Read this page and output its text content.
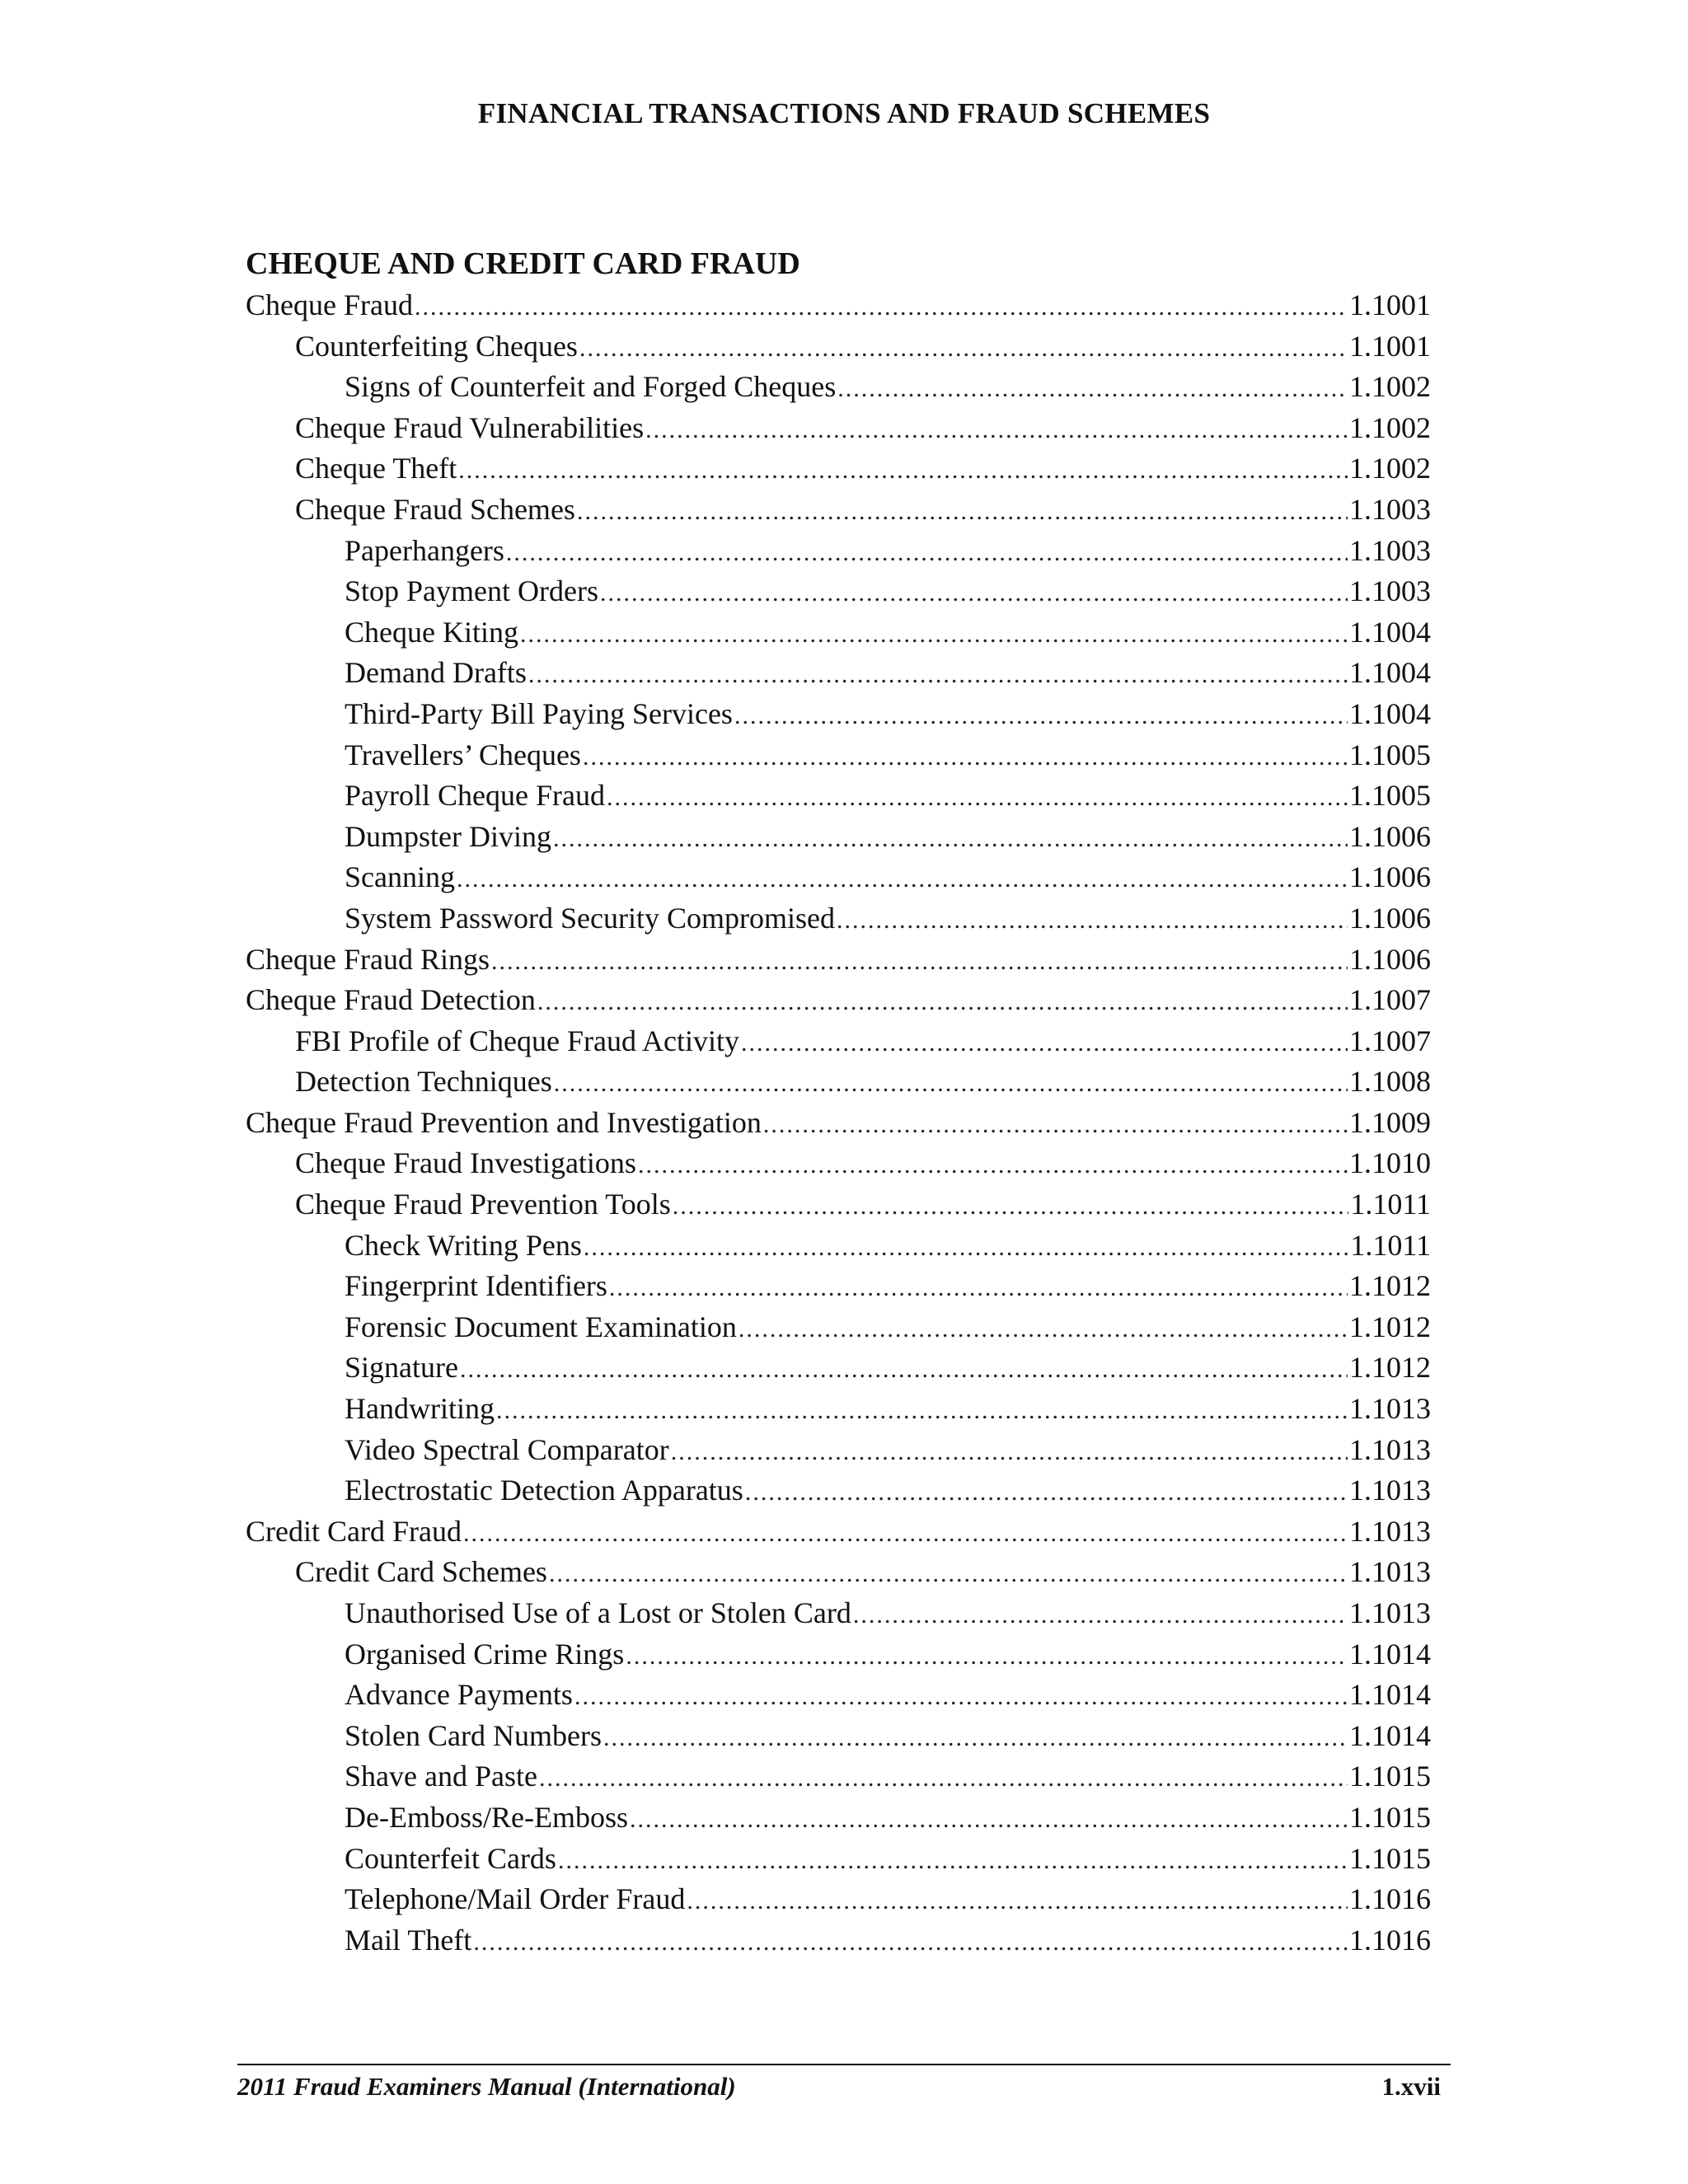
FINANCIAL TRANSACTIONS AND FRAUD SCHEMES
CHEQUE AND CREDIT CARD FRAUD
Cheque Fraud .....	1.1001
Counterfeiting Cheques .....	1.1001
Signs of Counterfeit and Forged Cheques .....	1.1002
Cheque Fraud Vulnerabilities .....	1.1002
Cheque Theft .....	1.1002
Cheque Fraud Schemes .....	1.1003
Paperhangers .....	1.1003
Stop Payment Orders .....	1.1003
Cheque Kiting .....	1.1004
Demand Drafts .....	1.1004
Third-Party Bill Paying Services .....	1.1004
Travellers’ Cheques .....	1.1005
Payroll Cheque Fraud .....	1.1005
Dumpster Diving .....	1.1006
Scanning .....	1.1006
System Password Security Compromised .....	1.1006
Cheque Fraud Rings .....	1.1006
Cheque Fraud Detection .....	1.1007
FBI Profile of Cheque Fraud Activity .....	1.1007
Detection Techniques .....	1.1008
Cheque Fraud Prevention and Investigation .....	1.1009
Cheque Fraud Investigations .....	1.1010
Cheque Fraud Prevention Tools .....	1.1011
Check Writing Pens .....	1.1011
Fingerprint Identifiers .....	1.1012
Forensic Document Examination .....	1.1012
Signature .....	1.1012
Handwriting .....	1.1013
Video Spectral Comparator .....	1.1013
Electrostatic Detection Apparatus .....	1.1013
Credit Card Fraud .....	1.1013
Credit Card Schemes .....	1.1013
Unauthorised Use of a Lost or Stolen Card .....	1.1013
Organised Crime Rings .....	1.1014
Advance Payments .....	1.1014
Stolen Card Numbers .....	1.1014
Shave and Paste .....	1.1015
De-Emboss/Re-Emboss .....	1.1015
Counterfeit Cards .....	1.1015
Telephone/Mail Order Fraud .....	1.1016
Mail Theft .....	1.1016
2011 Fraud Examiners Manual (International)	1.xvii
